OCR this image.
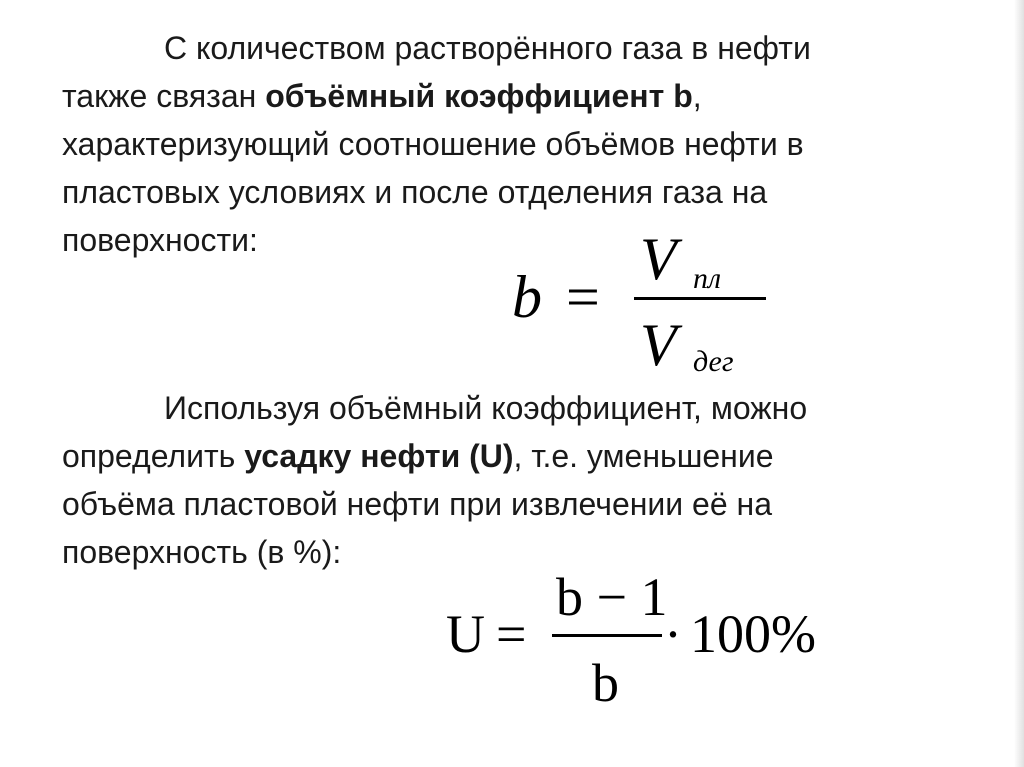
С количеством растворённого газа в нефти
также связан объёмный коэффициент b,
характеризующий соотношение объёмов нефти в
пластовых условиях и после отделения газа на
поверхности:
b =
V пл
V дег
Используя объёмный коэффициент, можно
определить усадку нефти (U), т.е. уменьшение
объёма пластовой нефти при извлечении её на
поверхность (в %):
U =
b − 1
b
· 100%
